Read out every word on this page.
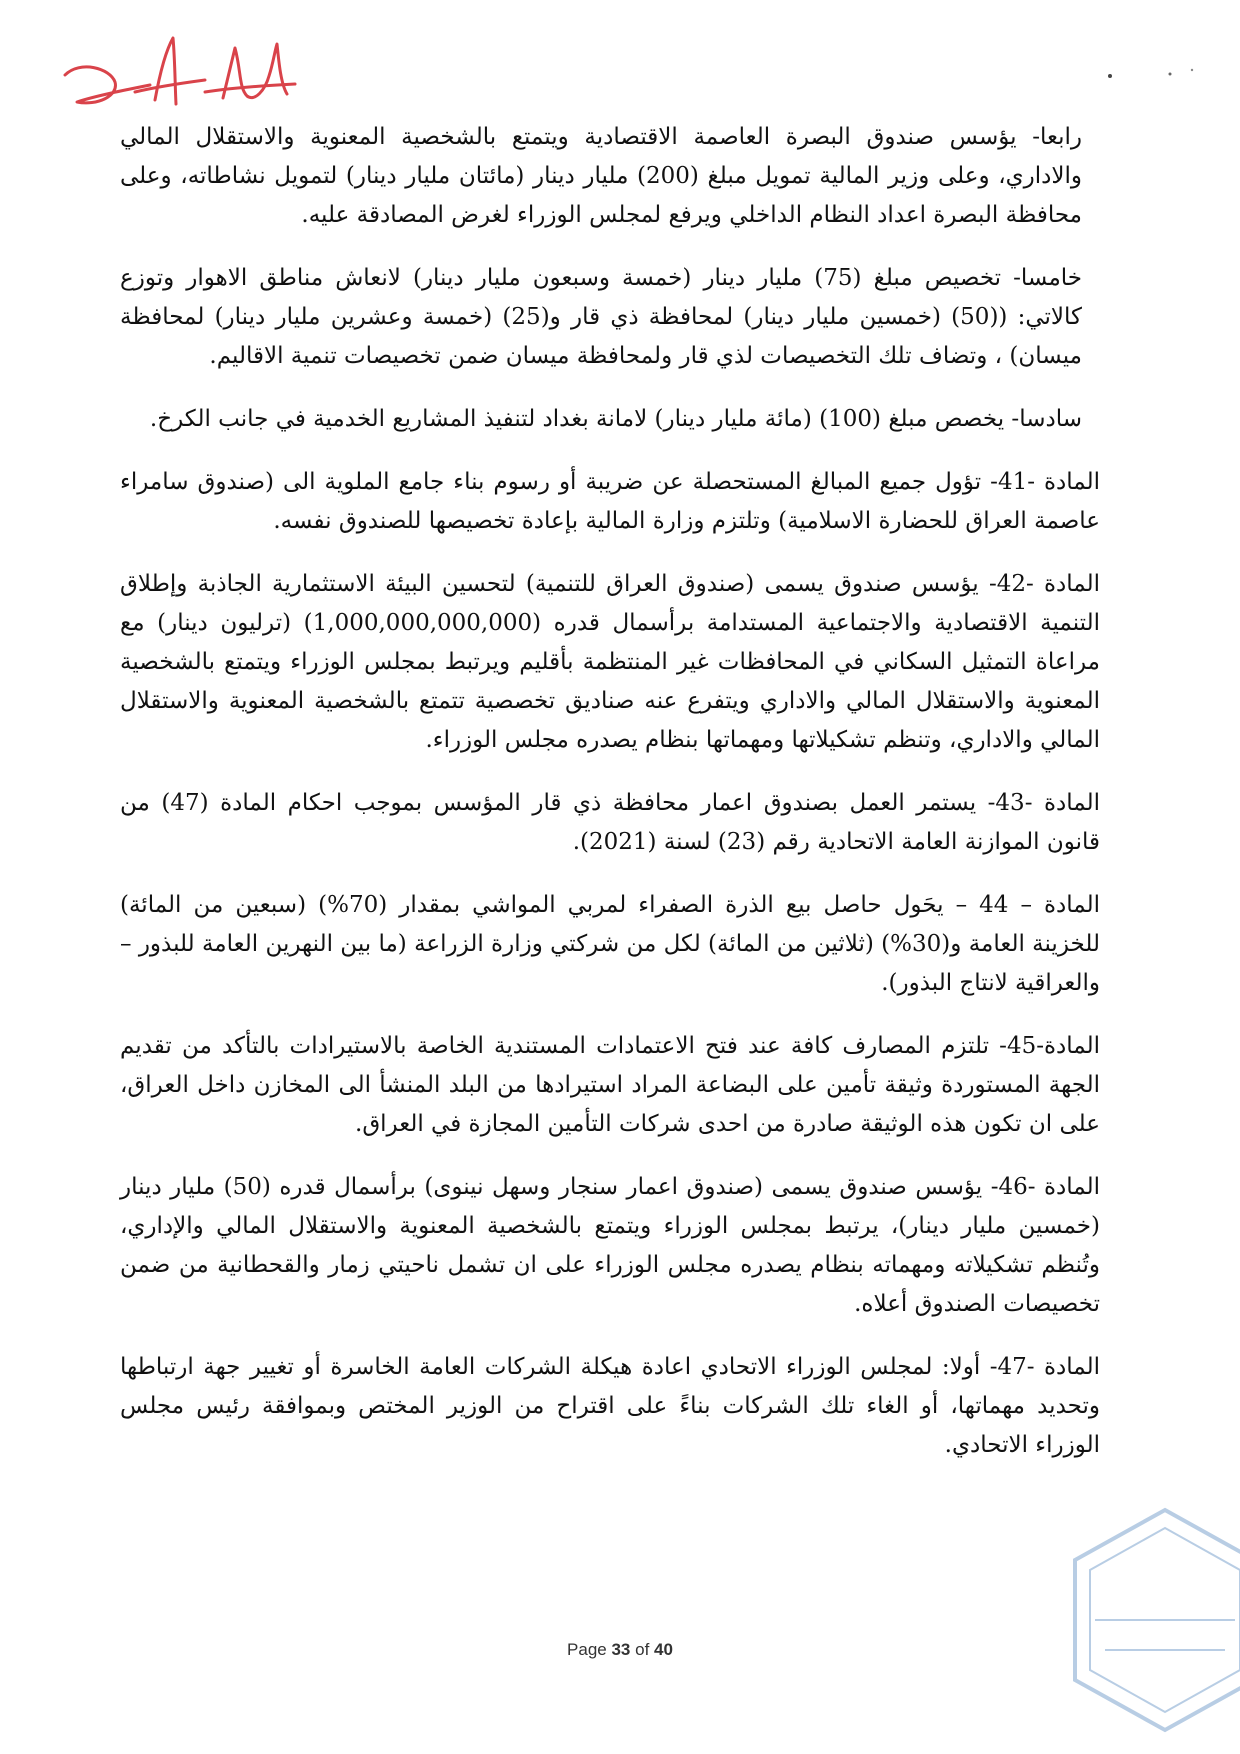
رابعا- يؤسس صندوق البصرة العاصمة الاقتصادية ويتمتع بالشخصية المعنوية والاستقلال المالي والاداري، وعلى وزير المالية تمويل مبلغ (200) مليار دينار (مائتان مليار دينار) لتمويل نشاطاته، وعلى محافظة البصرة اعداد النظام الداخلي ويرفع لمجلس الوزراء لغرض المصادقة عليه.

خامسا- تخصيص مبلغ (75) مليار دينار (خمسة وسبعون مليار دينار) لانعاش مناطق الاهوار وتوزع كالاتي: ((50) (خمسين مليار دينار) لمحافظة ذي قار و(25) (خمسة وعشرين مليار دينار) لمحافظة ميسان) ، وتضاف تلك التخصيصات لذي قار ولمحافظة ميسان ضمن تخصيصات تنمية الاقاليم.

سادسا- يخصص مبلغ (100) (مائة مليار دينار) لامانة بغداد لتنفيذ المشاريع الخدمية في جانب الكرخ.

المادة -41- تؤول جميع المبالغ المستحصلة عن ضريبة أو رسوم بناء جامع الملوية الى (صندوق سامراء عاصمة العراق للحضارة الاسلامية) وتلتزم وزارة المالية بإعادة تخصيصها للصندوق نفسه.

المادة -42- يؤسس صندوق يسمى (صندوق العراق للتنمية) لتحسين البيئة الاستثمارية الجاذبة وإطلاق التنمية الاقتصادية والاجتماعية المستدامة برأسمال قدره (1,000,000,000,000) (ترليون دينار) مع مراعاة التمثيل السكاني في المحافظات غير المنتظمة بأقليم ويرتبط بمجلس الوزراء ويتمتع بالشخصية المعنوية والاستقلال المالي والاداري ويتفرع عنه صناديق تخصصية تتمتع بالشخصية المعنوية والاستقلال المالي والاداري، وتنظم تشكيلاتها ومهماتها بنظام يصدره مجلس الوزراء.

المادة -43- يستمر العمل بصندوق اعمار محافظة ذي قار المؤسس بموجب احكام المادة (47) من قانون الموازنة العامة الاتحادية رقم (23) لسنة (2021).

المادة – 44 – يحَول حاصل بيع الذرة الصفراء لمربي المواشي بمقدار (70%) (سبعين من المائة) للخزينة العامة و(30%) (ثلاثين من المائة) لكل من شركتي وزارة الزراعة (ما بين النهرين العامة للبذور – والعراقية لانتاج البذور).

المادة-45- تلتزم المصارف كافة عند فتح الاعتمادات المستندية الخاصة بالاستيرادات بالتأكد من تقديم الجهة المستوردة وثيقة تأمين على البضاعة المراد استيرادها من البلد المنشأ الى المخازن داخل العراق، على ان تكون هذه الوثيقة صادرة من احدى شركات التأمين المجازة في العراق.

المادة -46- يؤسس صندوق يسمى (صندوق اعمار سنجار وسهل نينوى) برأسمال قدره (50) مليار دينار (خمسين مليار دينار)، يرتبط بمجلس الوزراء ويتمتع بالشخصية المعنوية والاستقلال المالي والإداري، وتُنظم تشكيلاته ومهماته بنظام يصدره مجلس الوزراء على ان تشمل ناحيتي زمار والقحطانية من ضمن تخصيصات الصندوق أعلاه.

المادة -47- أولا: لمجلس الوزراء الاتحادي اعادة هيكلة الشركات العامة الخاسرة أو تغيير جهة ارتباطها وتحديد مهماتها، أو الغاء تلك الشركات بناءً على اقتراح من الوزير المختص وبموافقة رئيس مجلس الوزراء الاتحادي.

Page 33 of 40
